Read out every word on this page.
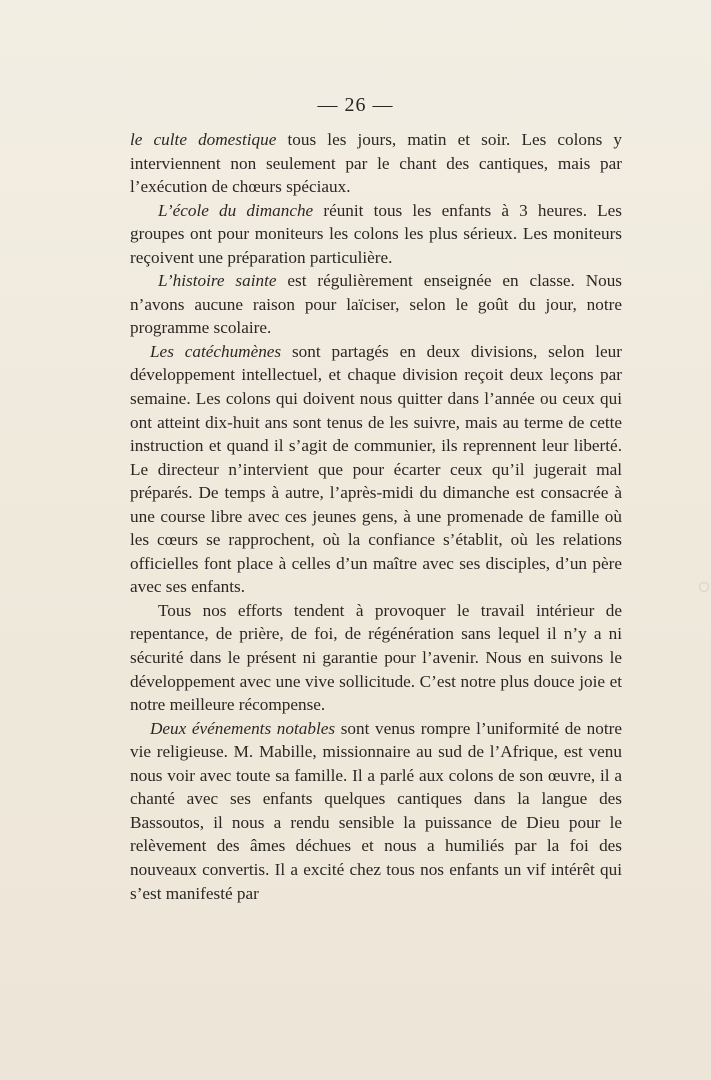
— 26 —

le culte domestique tous les jours, matin et soir. Les colons y interviennent non seulement par le chant des cantiques, mais par l’exécution de chœurs spéciaux.

L’école du dimanche réunit tous les enfants à 3 heures. Les groupes ont pour moniteurs les colons les plus sérieux. Les moniteurs reçoivent une préparation particulière.

L’histoire sainte est régulièrement enseignée en classe. Nous n’avons aucune raison pour laïciser, selon le goût du jour, notre programme scolaire.

Les catéchumènes sont partagés en deux divisions, selon leur développement intellectuel, et chaque division reçoit deux leçons par semaine. Les colons qui doivent nous quitter dans l’année ou ceux qui ont atteint dix-huit ans sont tenus de les suivre, mais au terme de cette instruction et quand il s’agit de communier, ils reprennent leur liberté. Le directeur n’intervient que pour écarter ceux qu’il jugerait mal préparés. De temps à autre, l’après-midi du dimanche est consacrée à une course libre avec ces jeunes gens, à une promenade de famille où les cœurs se rapprochent, où la confiance s’établit, où les relations officielles font place à celles d’un maître avec ses disciples, d’un père avec ses enfants.

Tous nos efforts tendent à provoquer le travail intérieur de repentance, de prière, de foi, de régénération sans lequel il n’y a ni sécurité dans le présent ni garantie pour l’avenir. Nous en suivons le développement avec une vive sollicitude. C’est notre plus douce joie et notre meilleure récompense.

Deux événements notables sont venus rompre l’uniformité de notre vie religieuse. M. Mabille, missionnaire au sud de l’Afrique, est venu nous voir avec toute sa famille. Il a parlé aux colons de son œuvre, il a chanté avec ses enfants quelques cantiques dans la langue des Bassoutos, il nous a rendu sensible la puissance de Dieu pour le relèvement des âmes déchues et nous a humiliés par la foi des nouveaux convertis. Il a excité chez tous nos enfants un vif intérêt qui s’est manifesté par
